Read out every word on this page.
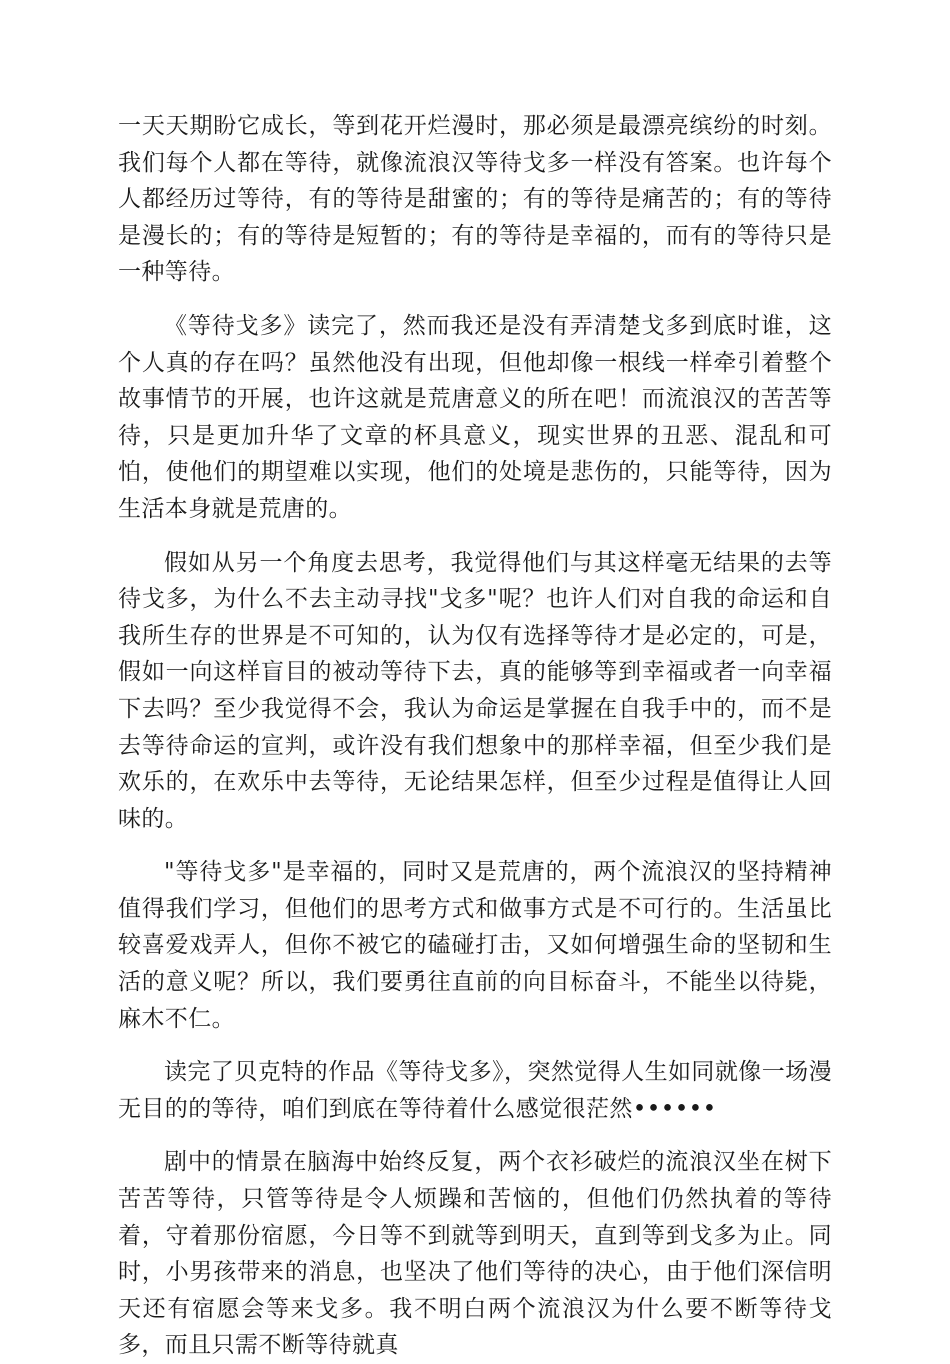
一天天期盼它成长，等到花开烂漫时，那必须是最漂亮缤纷的时刻。我们每个人都在等待，就像流浪汉等待戈多一样没有答案。也许每个人都经历过等待，有的等待是甜蜜的；有的等待是痛苦的；有的等待是漫长的；有的等待是短暂的；有的等待是幸福的，而有的等待只是一种等待。

《等待戈多》读完了，然而我还是没有弄清楚戈多到底时谁，这个人真的存在吗？虽然他没有出现，但他却像一根线一样牵引着整个故事情节的开展，也许这就是荒唐意义的所在吧！而流浪汉的苦苦等待，只是更加升华了文章的杯具意义，现实世界的丑恶、混乱和可怕，使他们的期望难以实现，他们的处境是悲伤的，只能等待，因为生活本身就是荒唐的。

假如从另一个角度去思考，我觉得他们与其这样毫无结果的去等待戈多，为什么不去主动寻找"戈多"呢？也许人们对自我的命运和自我所生存的世界是不可知的，认为仅有选择等待才是必定的，可是，假如一向这样盲目的被动等待下去，真的能够等到幸福或者一向幸福下去吗？至少我觉得不会，我认为命运是掌握在自我手中的，而不是去等待命运的宣判，或许没有我们想象中的那样幸福，但至少我们是欢乐的，在欢乐中去等待，无论结果怎样，但至少过程是值得让人回味的。

"等待戈多"是幸福的，同时又是荒唐的，两个流浪汉的坚持精神值得我们学习，但他们的思考方式和做事方式是不可行的。生活虽比较喜爱戏弄人，但你不被它的磕碰打击，又如何增强生命的坚韧和生活的意义呢？所以，我们要勇往直前的向目标奋斗，不能坐以待毙，麻木不仁。

读完了贝克特的作品《等待戈多》，突然觉得人生如同就像一场漫无目的的等待，咱们到底在等待着什么感觉很茫然••••••

剧中的情景在脑海中始终反复，两个衣衫破烂的流浪汉坐在树下苦苦等待，只管等待是令人烦躁和苦恼的，但他们仍然执着的等待着，守着那份宿愿，今日等不到就等到明天，直到等到戈多为止。同时，小男孩带来的消息，也坚决了他们等待的决心，由于他们深信明天还有宿愿会等来戈多。我不明白两个流浪汉为什么要不断等待戈多，而且只需不断等待就真
